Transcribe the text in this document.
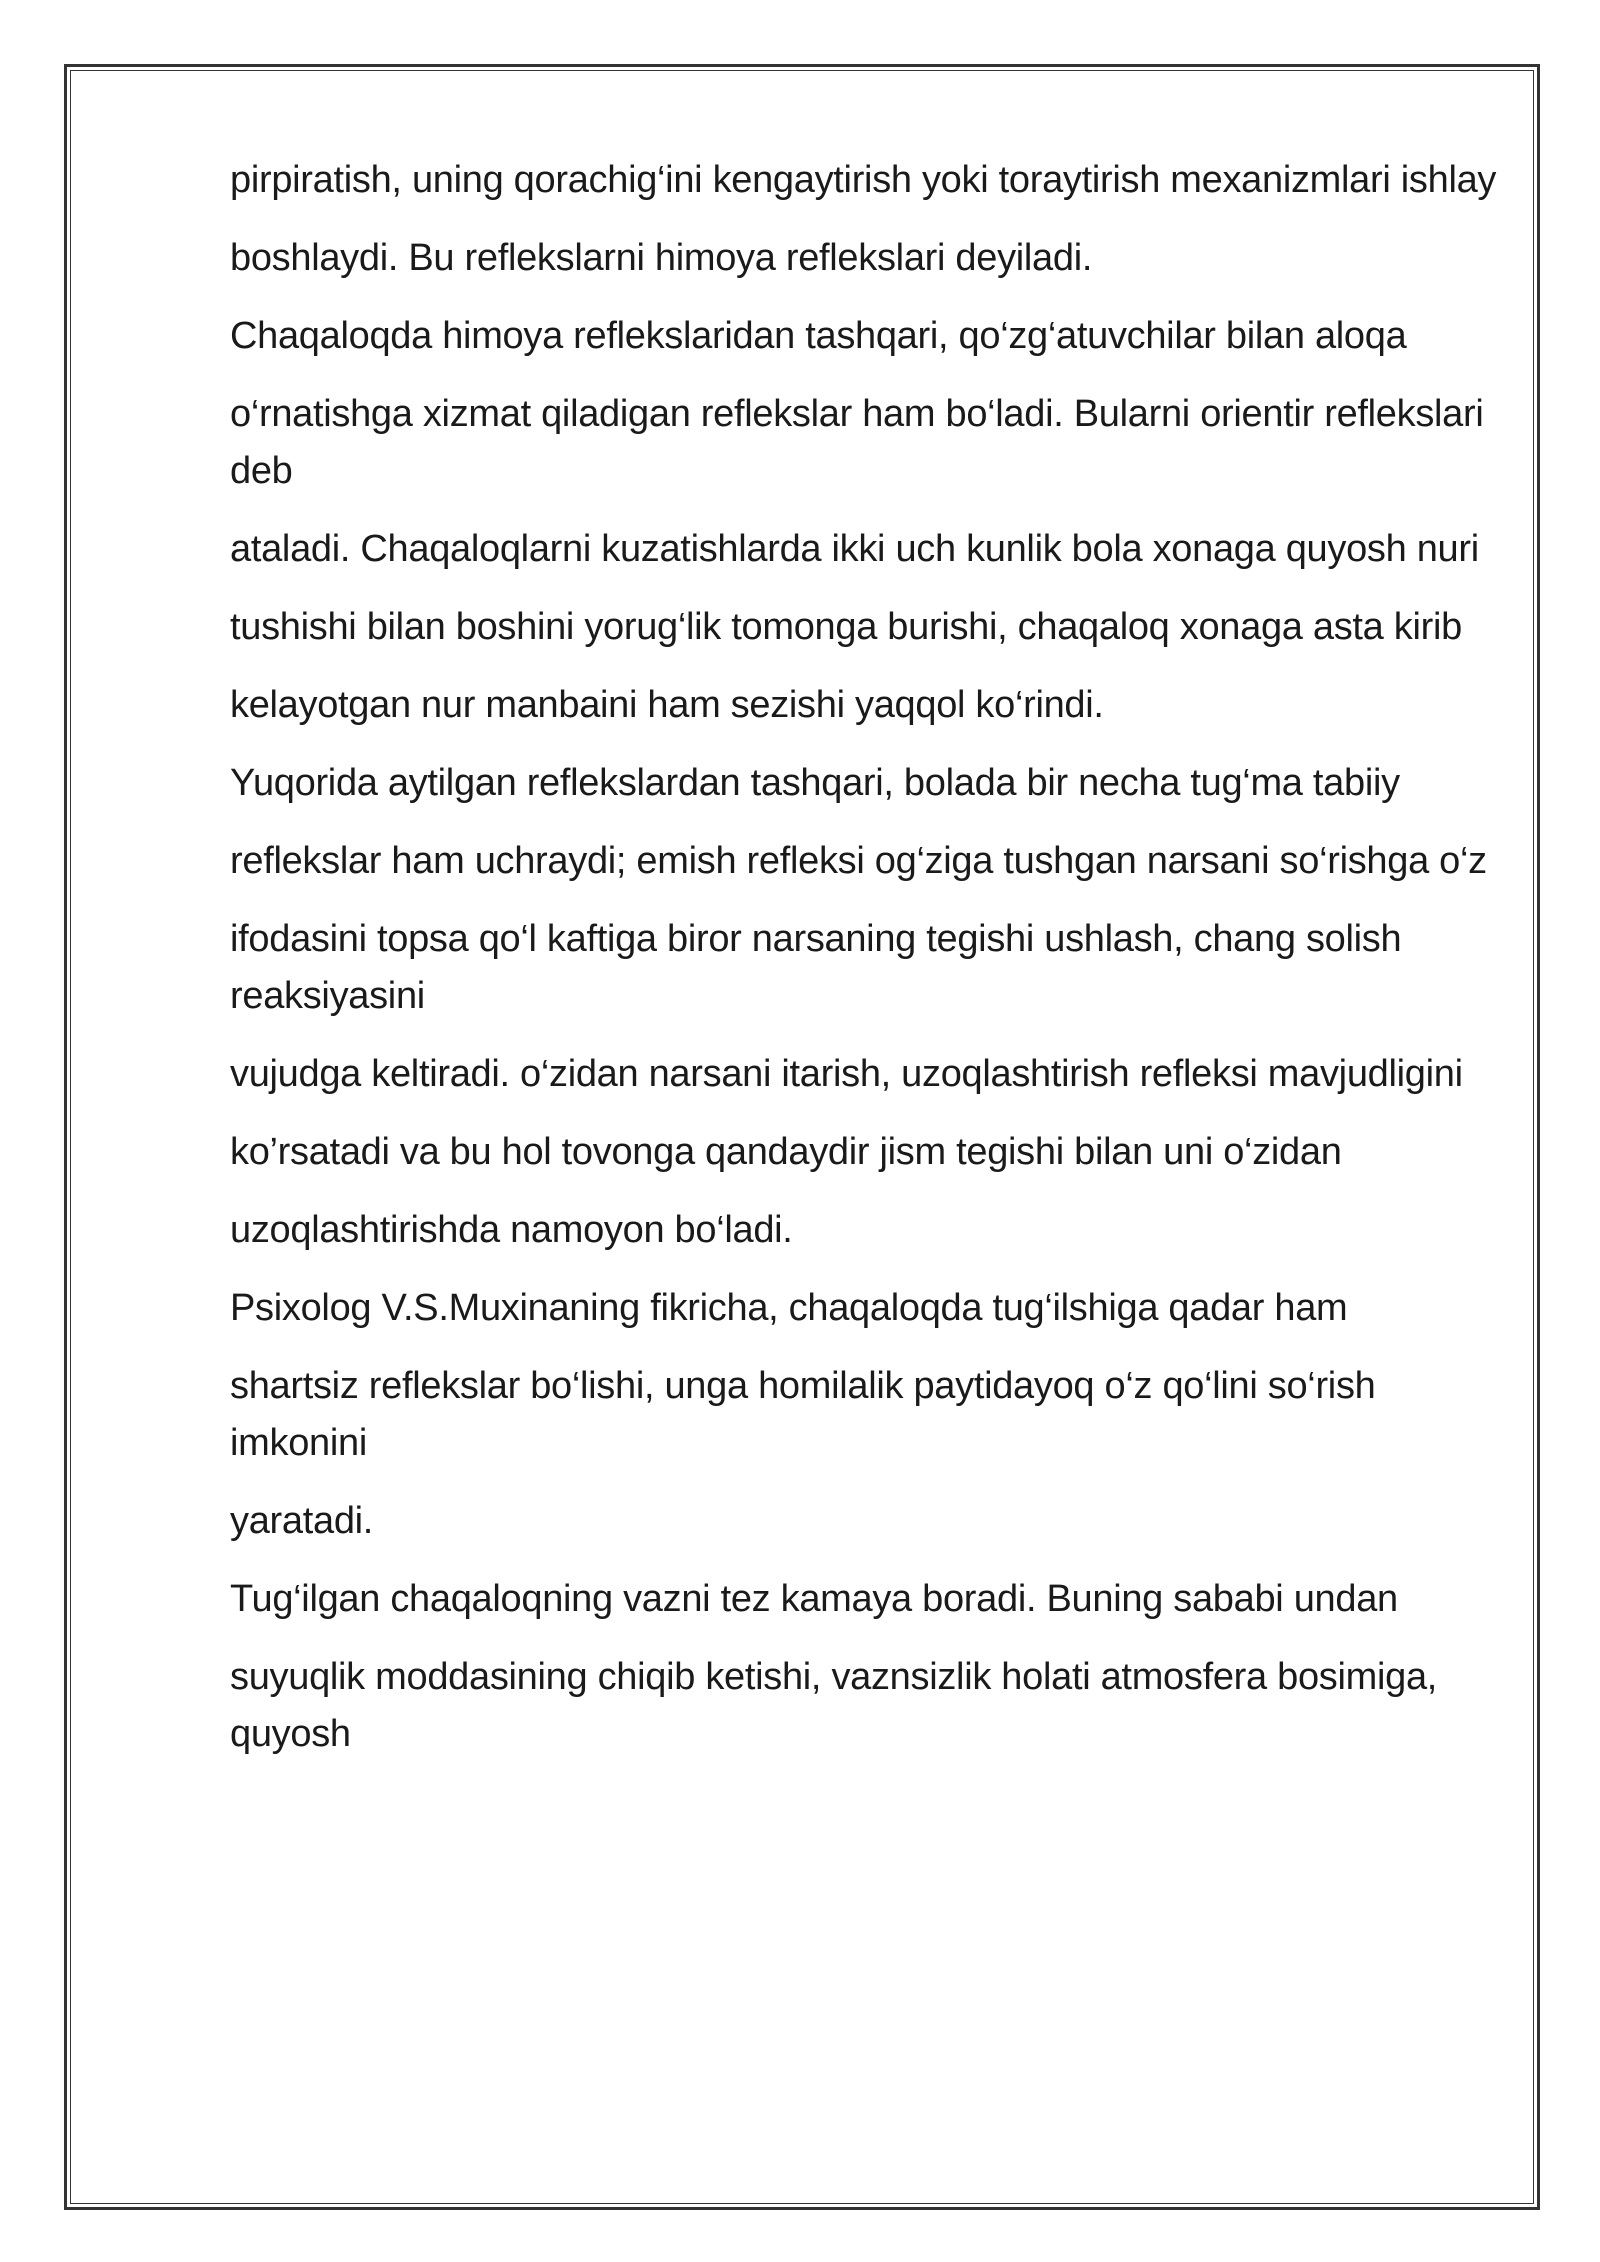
pirpiratish, uning qorachig‘ini kengaytirish yoki toraytirish mexanizmlari ishlay

boshlaydi. Bu reflekslarni himoya reflekslari deyiladi.

Chaqaloqda himoya reflekslaridan tashqari, qo‘zg‘atuvchilar bilan aloqa

o‘rnatishga xizmat qiladigan reflekslar ham bo‘ladi. Bularni orientir reflekslari deb

ataladi. Chaqaloqlarni kuzatishlarda ikki uch kunlik bola xonaga quyosh nuri

tushishi bilan boshini yorug‘lik tomonga burishi, chaqaloq xonaga asta kirib

kelayotgan nur manbaini ham sezishi yaqqol ko‘rindi.

Yuqorida aytilgan reflekslardan tashqari, bolada bir necha tug‘ma tabiiy

reflekslar ham uchraydi; emish refleksi og‘ziga tushgan narsani so‘rishga o‘z

ifodasini topsa qo‘l kaftiga biror narsaning tegishi ushlash, chang solish reaksiyasini

vujudga keltiradi. o‘zidan narsani itarish, uzoqlashtirish refleksi mavjudligini

ko’rsatadi va bu hol tovonga qandaydir jism tegishi bilan uni o‘zidan

uzoqlashtirishda namoyon bo‘ladi.

Psixolog V.S.Muxinaning fikricha, chaqaloqda tug‘ilshiga qadar ham

shartsiz reflekslar bo‘lishi, unga homilalik paytidayoq o‘z qo‘lini so‘rish imkonini

yaratadi.

Tug‘ilgan chaqaloqning vazni tez kamaya boradi. Buning sababi undan

suyuqlik moddasining chiqib ketishi, vaznsizlik holati atmosfera bosimiga, quyosh
